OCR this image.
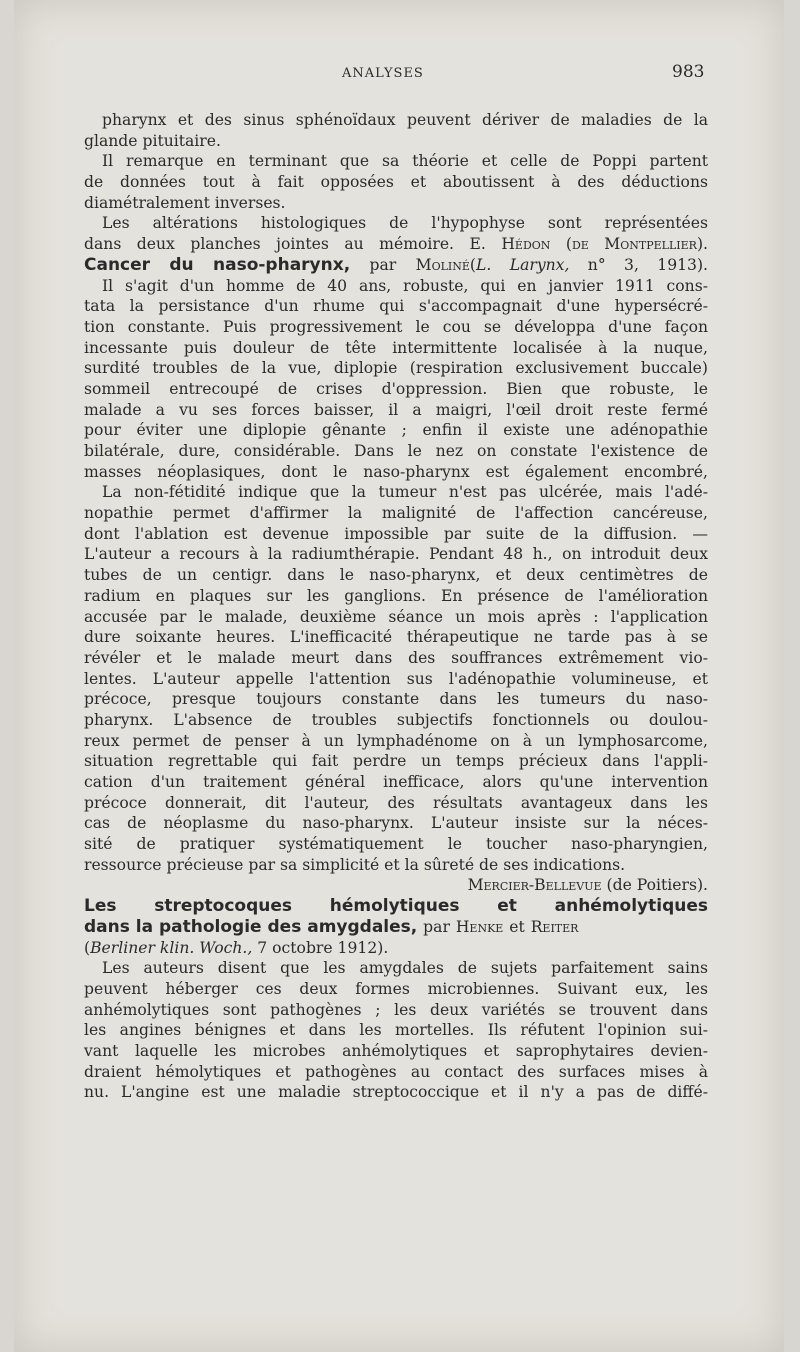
ANALYSES	983
pharynx et des sinus sphénoïdaux peuvent dériver de maladies de la
glande pituitaire.
Il remarque en terminant que sa théorie et celle de Poppi partent
de données tout à fait opposées et aboutissent à des déductions
diamétralement inverses.
Les altérations histologiques de l'hypophyse sont représentées
dans deux planches jointes au mémoire. E. Hédon (de Montpellier).
Cancer du naso-pharynx, par Moliné(L. Larynx, n° 3, 1913).
Il s'agit d'un homme de 40 ans, robuste, qui en janvier 1911 cons-
tata la persistance d'un rhume qui s'accompagnait d'une hypersécré-
tion constante. Puis progressivement le cou se développa d'une façon
incessante puis douleur de tête intermittente localisée à la nuque,
surdité troubles de la vue, diplopie (respiration exclusivement buccale)
sommeil entrecoupé de crises d'oppression. Bien que robuste, le
malade a vu ses forces baisser, il a maigri, l'œil droit reste fermé
pour éviter une diplopie gênante ; enfin il existe une adénopathie
bilatérale, dure, considérable. Dans le nez on constate l'existence de
masses néoplasiques, dont le naso-pharynx est également encombré,
La non-fétidité indique que la tumeur n'est pas ulcérée, mais l'adé-
nopathie permet d'affirmer la malignité de l'affection cancéreuse,
dont l'ablation est devenue impossible par suite de la diffusion. —
L'auteur a recours à la radiumthérapie. Pendant 48 h., on introduit deux
tubes de un centigr. dans le naso-pharynx, et deux centimètres de
radium en plaques sur les ganglions. En présence de l'amélioration
accusée par le malade, deuxième séance un mois après : l'application
dure soixante heures. L'inefficacité thérapeutique ne tarde pas à se
révéler et le malade meurt dans des souffrances extrêmement vio-
lentes. L'auteur appelle l'attention sus l'adénopathie volumineuse, et
précoce, presque toujours constante dans les tumeurs du naso-
pharynx. L'absence de troubles subjectifs fonctionnels ou doulou-
reux permet de penser à un lymphadénome on à un lymphosarcome,
situation regrettable qui fait perdre un temps précieux dans l'appli-
cation d'un traitement général inefficace, alors qu'une intervention
précoce donnerait, dit l'auteur, des résultats avantageux dans les
cas de néoplasme du naso-pharynx. L'auteur insiste sur la néces-
sité de pratiquer systématiquement le toucher naso-pharyngien,
ressource précieuse par sa simplicité et la sûreté de ses indications.
Mercier-Bellevue (de Poitiers).
Les streptocoques hémolytiques et anhémolytiques
dans la pathologie des amygdales, par Henke et Reiter
(Berliner klin. Woch., 7 octobre 1912).
Les auteurs disent que les amygdales de sujets parfaitement sains
peuvent héberger ces deux formes microbiennes. Suivant eux, les
anhémolytiques sont pathogènes ; les deux variétés se trouvent dans
les angines bénignes et dans les mortelles. Ils réfutent l'opinion sui-
vant laquelle les microbes anhémolytiques et saprophytaires devien-
draient hémolytiques et pathogènes au contact des surfaces mises à
nu. L'angine est une maladie streptococcique et il n'y a pas de diffé-
